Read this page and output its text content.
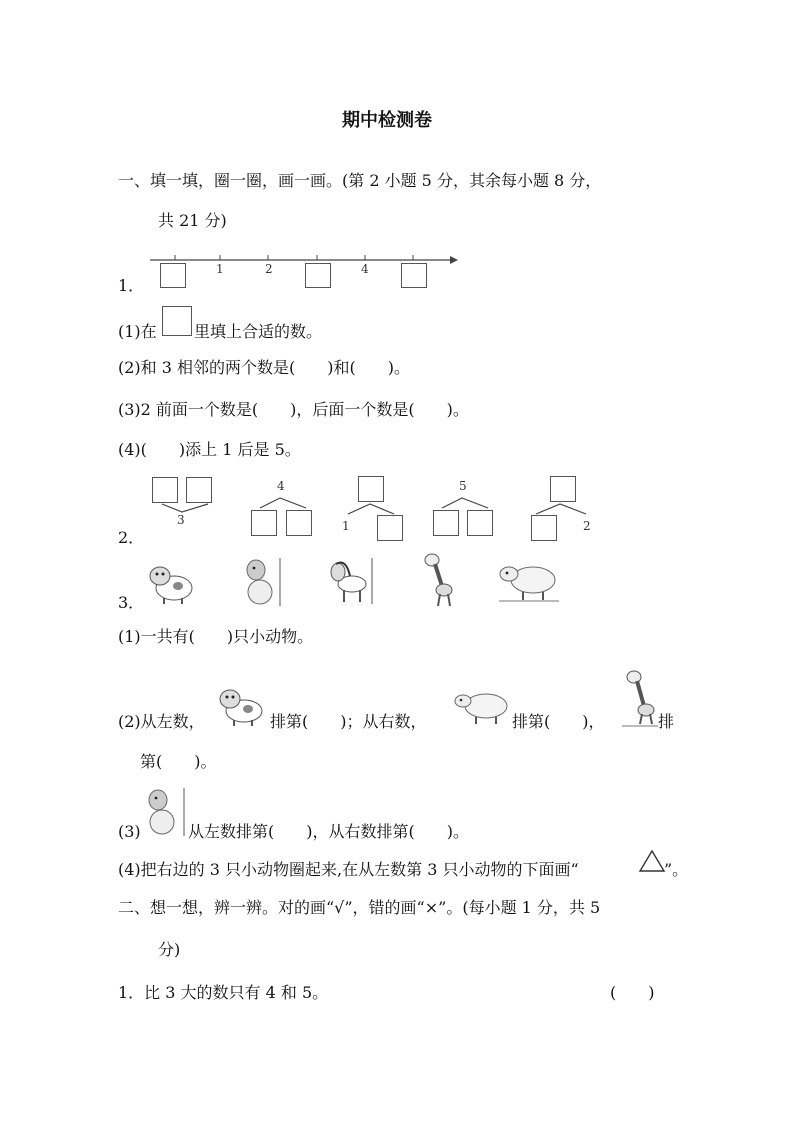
期中检测卷
一、填一填，圈一圈，画一画。(第 2 小题 5 分，其余每小题 8 分，
共 21 分)
1．
1	2	4
(1)在 里填上合适的数。
(2)和 3 相邻的两个数是(　　)和(　　)。
(3)2 前面一个数是(　　)，后面一个数是(　　)。
(4)(　　)添上 1 后是 5。
2．
3
4
1
5
2
3．
(1)一共有(　　)只小动物。
(2)从左数，	排第(　　)；从右数，	排第(　　)，	排
第(　　)。
(3)	从左数排第(　　)，从右数排第(　　)。
(4)把右边的 3 只小动物圈起来,在从左数第 3 只小动物的下面画“	”。
二、想一想，辨一辨。对的画“√”，错的画“×”。(每小题 1 分，共 5
分)
1．比 3 大的数只有 4 和 5。	(　　)
